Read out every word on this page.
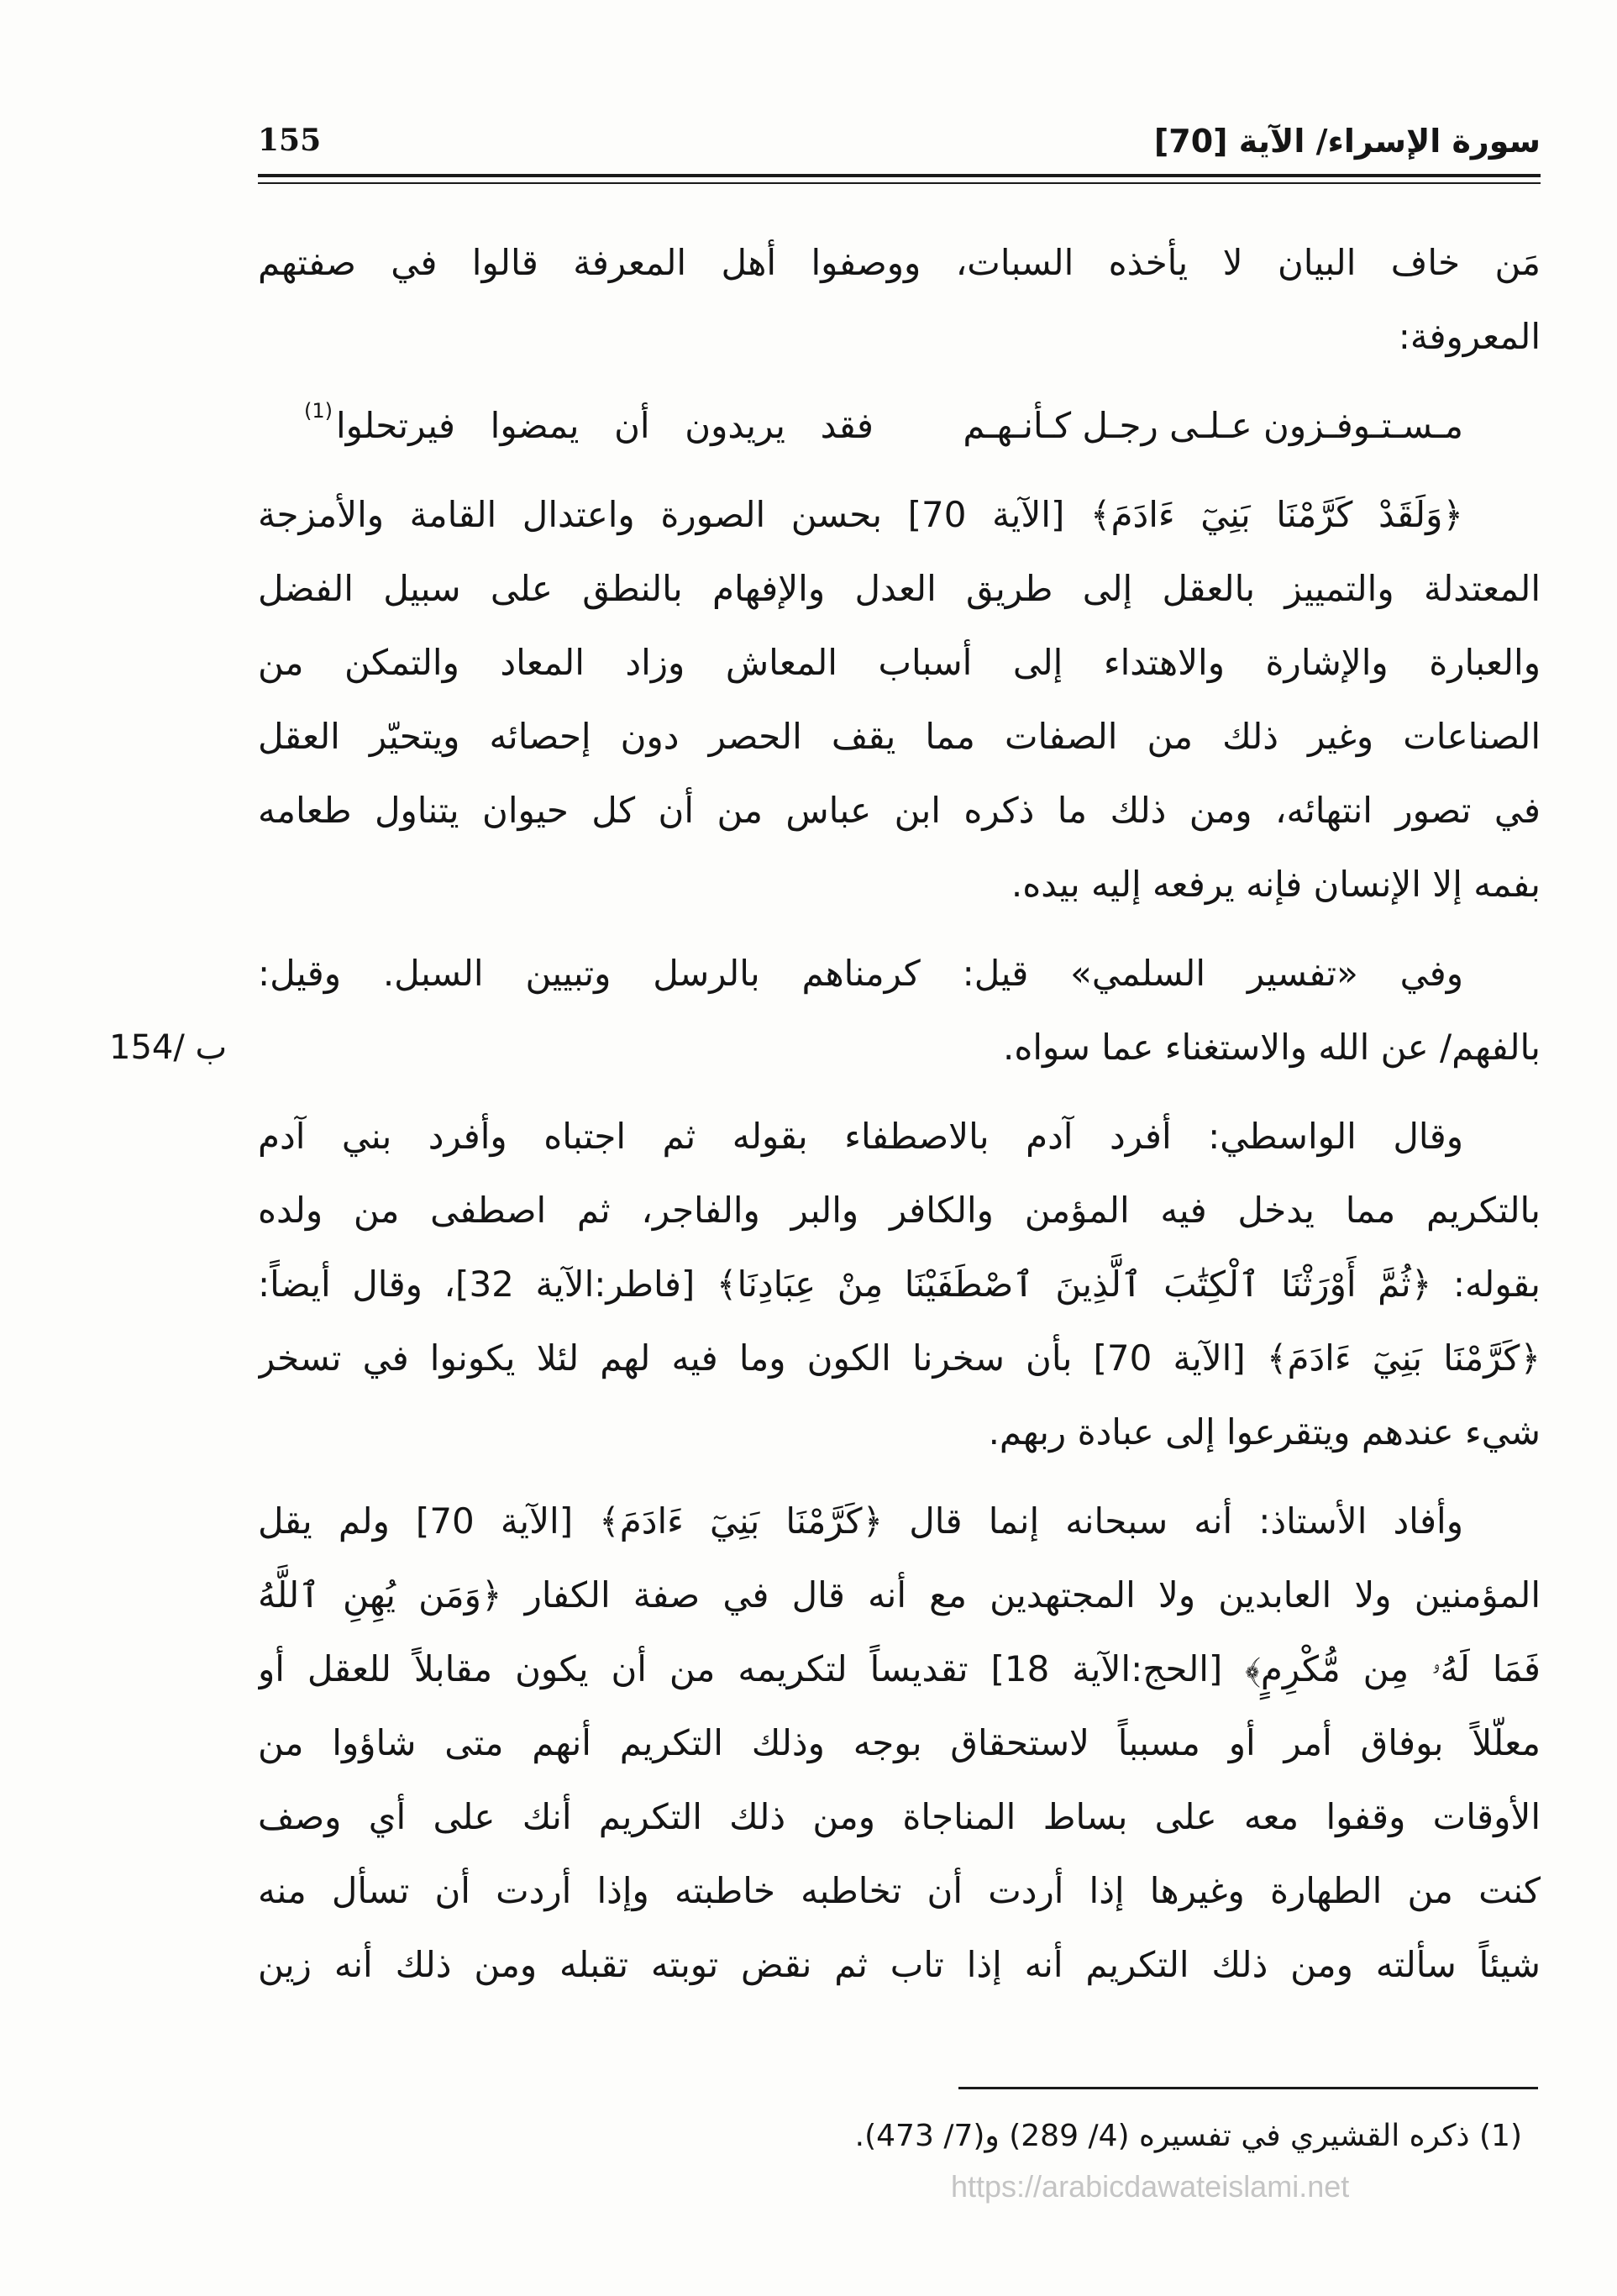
سورة الإسراء/ الآية [70]
155
مَن خاف البيان لا يأخذه السبات، ووصفوا أهل المعرفة قالوا في صفتهم
المعروفة:
مـسـتـوفـزون عـلـى رجـل كـأنـهـم
فقد يريدون أن يمضوا فيرتحلوا
(1)
﴿وَلَقَدْ كَرَّمْنَا بَنِيٓ ءَادَمَ﴾ [الآية 70] بحسن الصورة واعتدال القامة والأمزجة
المعتدلة والتمييز بالعقل إلى طريق العدل والإفهام بالنطق على سبيل الفضل
والعبارة والإشارة والاهتداء إلى أسباب المعاش وزاد المعاد والتمكن من
الصناعات وغير ذلك من الصفات مما يقف الحصر دون إحصائه ويتحيّر العقل
في تصور انتهائه، ومن ذلك ما ذكره ابن عباس من أن كل حيوان يتناول طعامه
بفمه إلا الإنسان فإنه يرفعه إليه بيده.
وفي «تفسير السلمي» قيل: كرمناهم بالرسل وتبيين السبل. وقيل:
بالفهم/ عن الله والاستغناء عما سواه.
154/ ب
وقال الواسطي: أفرد آدم بالاصطفاء بقوله ثم اجتباه وأفرد بني آدم
بالتكريم مما يدخل فيه المؤمن والكافر والبر والفاجر، ثم اصطفى من ولده
بقوله: ﴿ثُمَّ أَوْرَثْنَا ٱلْكِتَٰبَ ٱلَّذِينَ ٱصْطَفَيْنَا مِنْ عِبَادِنَا﴾ [فاطر:الآية 32]، وقال أيضاً:
﴿كَرَّمْنَا بَنِيٓ ءَادَمَ﴾ [الآية 70] بأن سخرنا الكون وما فيه لهم لئلا يكونوا في تسخر
شيء عندهم ويتقرعوا إلى عبادة ربهم.
وأفاد الأستاذ: أنه سبحانه إنما قال ﴿كَرَّمْنَا بَنِيٓ ءَادَمَ﴾ [الآية 70] ولم يقل
المؤمنين ولا العابدين ولا المجتهدين مع أنه قال في صفة الكفار ﴿وَمَن يُهِنِ ٱللَّهُ
فَمَا لَهُۥ مِن مُّكْرِمٍ﴾ [الحج:الآية 18] تقديساً لتكريمه من أن يكون مقابلاً للعقل أو
معلّلاً بوفاق أمر أو مسبباً لاستحقاق بوجه وذلك التكريم أنهم متى شاؤوا من
الأوقات وقفوا معه على بساط المناجاة ومن ذلك التكريم أنك على أي وصف
كنت من الطهارة وغيرها إذا أردت أن تخاطبه خاطبته وإذا أردت أن تسأل منه
شيئاً سألته ومن ذلك التكريم أنه إذا تاب ثم نقض توبته تقبله ومن ذلك أنه زين
(1) ذكره القشيري في تفسيره (4/ 289) و(7/ 473).
https://arabicdawateislami.net
